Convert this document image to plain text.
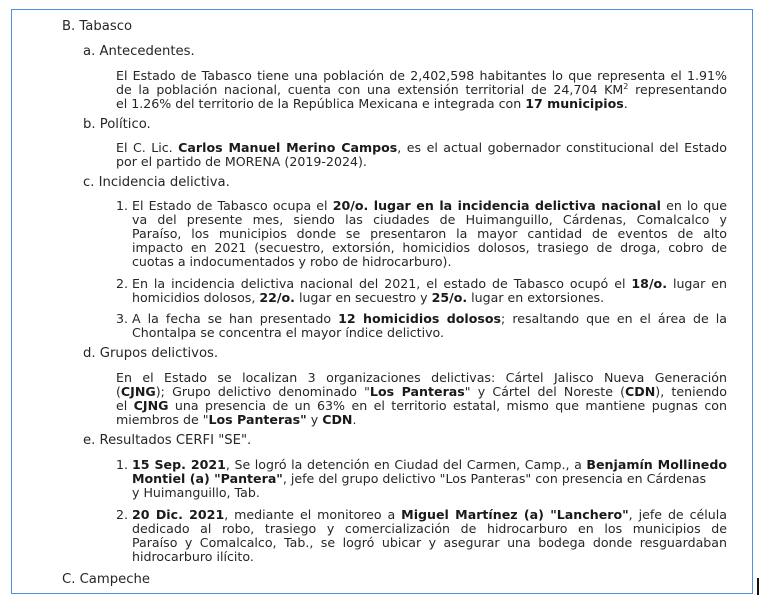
B. Tabasco
a. Antecedentes.
El Estado de Tabasco tiene una población de 2,402,598 habitantes lo que representa el 1.91%
de la población nacional, cuenta con una extensión territorial de 24,704 $KM^2$ representando
el 1.26% del territorio de la República Mexicana e integrada con 17 municipios.
b. Político.
El C. Lic. Carlos Manuel Merino Campos, es el actual gobernador constitucional del Estado
por el partido de MORENA (2019-2024).
c. Incidencia delictiva.
1. El Estado de Tabasco ocupa el 20/o. lugar en la incidencia delictiva nacional en lo que
va del presente mes, siendo las ciudades de Huimanguillo, Cárdenas, Comalcalco y
Paraíso, los municipios donde se presentaron la mayor cantidad de eventos de alto
impacto en 2021 (secuestro, extorsión, homicidios dolosos, trasiego de droga, cobro de
cuotas a indocumentados y robo de hidrocarburo).
2. En la incidencia delictiva nacional del 2021, el estado de Tabasco ocupó el 18/o. lugar en
homicidios dolosos, 22/o. lugar en secuestro y 25/o. lugar en extorsiones.
3. A la fecha se han presentado 12 homicidios dolosos; resaltando que en el área de la
Chontalpa se concentra el mayor índice delictivo.
d. Grupos delictivos.
En el Estado se localizan 3 organizaciones delictivas: Cártel Jalisco Nueva Generación
(CJNG); Grupo delictivo denominado "Los Panteras" y Cártel del Noreste (CDN), teniendo
el CJNG una presencia de un 63% en el territorio estatal, mismo que mantiene pugnas con
miembros de "Los Panteras" y CDN.
e. Resultados CERFI "SE".
1. 15 Sep. 2021, Se logró la detención en Ciudad del Carmen, Camp., a Benjamín Mollinedo
Montiel (a) "Pantera", jefe del grupo delictivo "Los Panteras" con presencia en Cárdenas
y Huimanguillo, Tab.
2. 20 Dic. 2021, mediante el monitoreo a Miguel Martínez (a) "Lanchero", jefe de célula
dedicado al robo, trasiego y comercialización de hidrocarburo en los municipios de
Paraíso y Comalcalco, Tab., se logró ubicar y asegurar una bodega donde resguardaban
hidrocarburo ilícito.
C. Campeche
